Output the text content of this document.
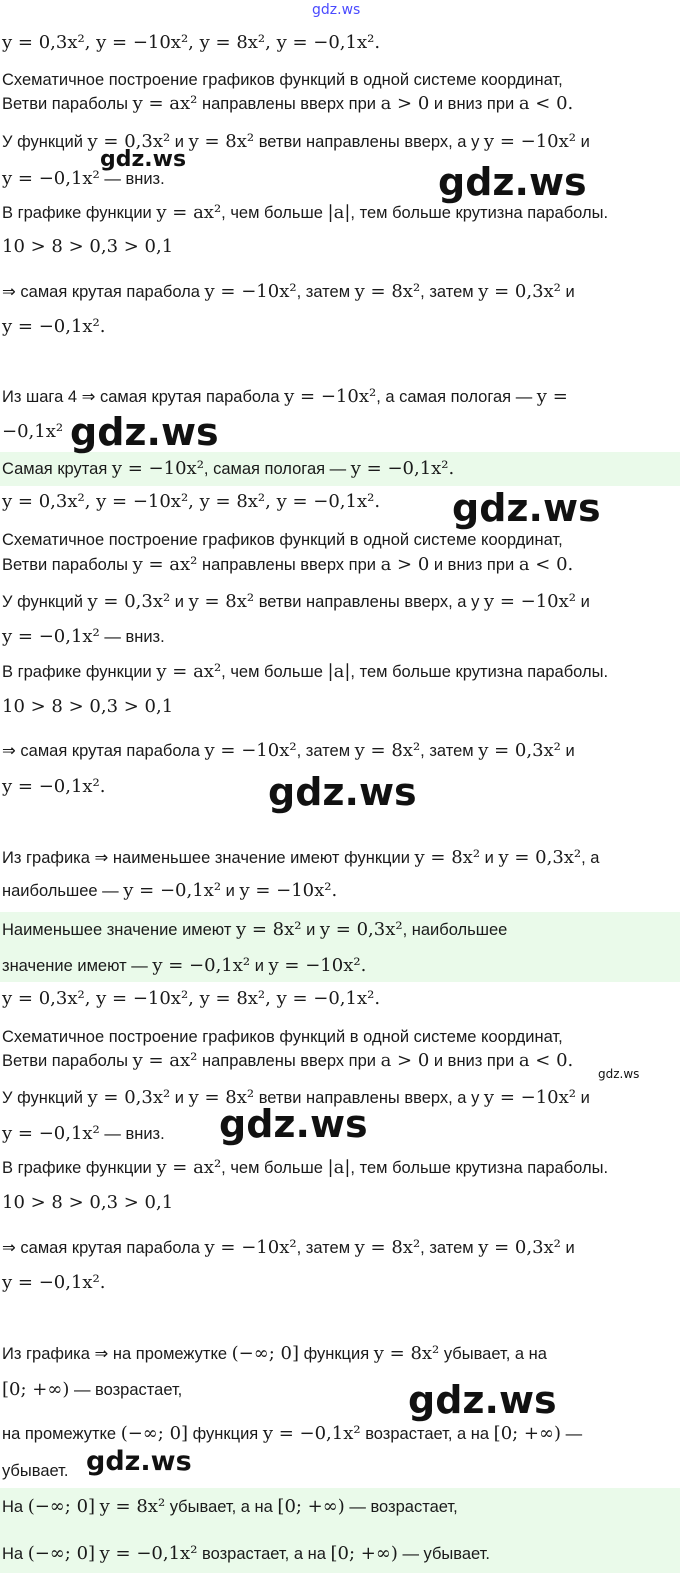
gdz.ws
y = 0,3x², y = −10x², y = 8x², y = −0,1x².
Схематичное построение графиков функций в одной системе координат,
Ветви параболы y = ax² направлены вверх при a > 0 и вниз при a < 0.
У функций y = 0,3x² и y = 8x² ветви направлены вверх, а у y = −10x² и
y = −0,1x² — вниз.
В графике функции y = ax², чем больше |a|, тем больше крутизна параболы.
10 > 8 > 0,3 > 0,1
⇒ самая крутая парабола y = −10x², затем y = 8x², затем y = 0,3x² и
y = −0,1x².
Из шага 4 ⇒ самая крутая парабола y = −10x², а самая пологая — y =
−0,1x²
Самая крутая y = −10x², самая пологая — y = −0,1x².
y = 0,3x², y = −10x², y = 8x², y = −0,1x².
Схематичное построение графиков функций в одной системе координат,
Ветви параболы y = ax² направлены вверх при a > 0 и вниз при a < 0.
У функций y = 0,3x² и y = 8x² ветви направлены вверх, а у y = −10x² и
y = −0,1x² — вниз.
В графике функции y = ax², чем больше |a|, тем больше крутизна параболы.
10 > 8 > 0,3 > 0,1
⇒ самая крутая парабола y = −10x², затем y = 8x², затем y = 0,3x² и
y = −0,1x².
Из графика ⇒ наименьшее значение имеют функции y = 8x² и y = 0,3x², а
наибольшее — y = −0,1x² и y = −10x².
Наименьшее значение имеют y = 8x² и y = 0,3x², наибольшее
значение имеют — y = −0,1x² и y = −10x².
y = 0,3x², y = −10x², y = 8x², y = −0,1x².
Схематичное построение графиков функций в одной системе координат,
Ветви параболы y = ax² направлены вверх при a > 0 и вниз при a < 0.
У функций y = 0,3x² и y = 8x² ветви направлены вверх, а у y = −10x² и
y = −0,1x² — вниз.
В графике функции y = ax², чем больше |a|, тем больше крутизна параболы.
10 > 8 > 0,3 > 0,1
⇒ самая крутая парабола y = −10x², затем y = 8x², затем y = 0,3x² и
y = −0,1x².
Из графика ⇒ на промежутке (−∞; 0] функция y = 8x² убывает, а на
[0; +∞) — возрастает,
на промежутке (−∞; 0] функция y = −0,1x² возрастает, а на [0; +∞) —
убывает.
На (−∞; 0] y = 8x² убывает, а на [0; +∞) — возрастает,
На (−∞; 0] y = −0,1x² возрастает, а на [0; +∞) — убывает.
gdz.ws
gdz.ws
gdz.ws
gdz.ws
gdz.ws
gdz.ws
gdz.ws
gdz.ws
gdz.ws
